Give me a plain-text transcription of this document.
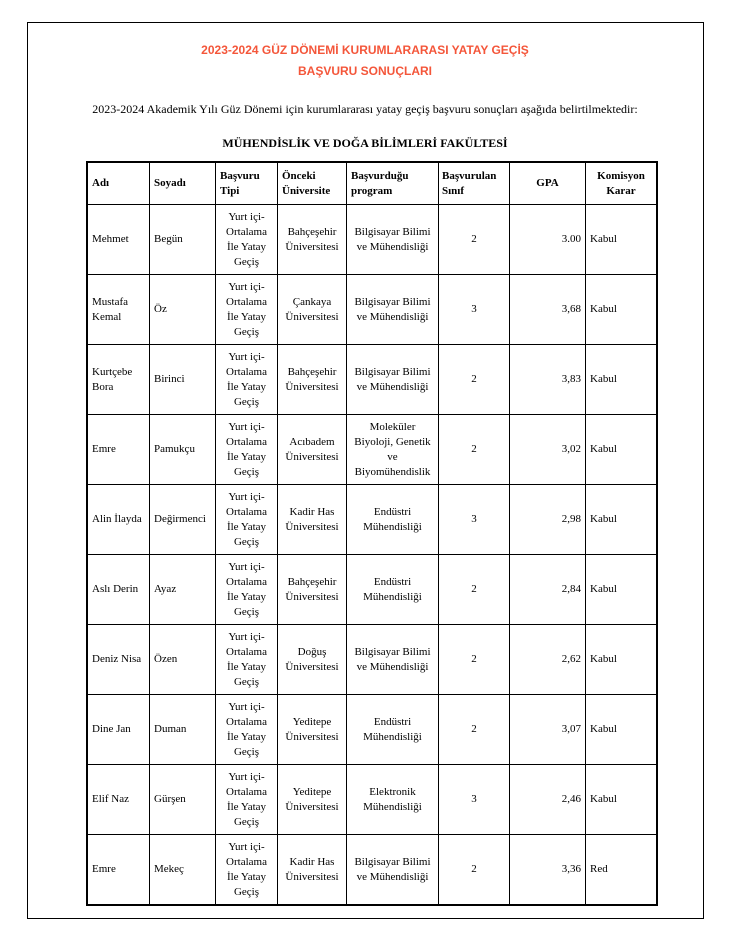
2023-2024 GÜZ DÖNEMİ KURUMLARARASI YATAY GEÇİŞ
BAŞVURU SONUÇLARI
2023-2024 Akademik Yılı Güz Dönemi için kurumlararası yatay geçiş başvuru sonuçları aşağıda belirtilmektedir:
MÜHENDİSLİK VE DOĞA BİLİMLERİ FAKÜLTESİ
Adı	Soyadı	Başvuru Tipi	Önceki Üniversite	Başvurduğu program	Başvurulan Sınıf	GPA	Komisyon Karar
Mehmet	Begün	Yurt içi-Ortalama İle Yatay Geçiş	Bahçeşehir Üniversitesi	Bilgisayar Bilimi ve Mühendisliği	2	3.00	Kabul
Mustafa Kemal	Öz	Yurt içi-Ortalama İle Yatay Geçiş	Çankaya Üniversitesi	Bilgisayar Bilimi ve Mühendisliği	3	3,68	Kabul
Kurtçebe Bora	Birinci	Yurt içi-Ortalama İle Yatay Geçiş	Bahçeşehir Üniversitesi	Bilgisayar Bilimi ve Mühendisliği	2	3,83	Kabul
Emre	Pamukçu	Yurt içi-Ortalama İle Yatay Geçiş	Acıbadem Üniversitesi	Moleküler Biyoloji, Genetik ve Biyomühendislik	2	3,02	Kabul
Alin İlayda	Değirmenci	Yurt içi-Ortalama İle Yatay Geçiş	Kadir Has Üniversitesi	Endüstri Mühendisliği	3	2,98	Kabul
Aslı Derin	Ayaz	Yurt içi-Ortalama İle Yatay Geçiş	Bahçeşehir Üniversitesi	Endüstri Mühendisliği	2	2,84	Kabul
Deniz Nisa	Özen	Yurt içi-Ortalama İle Yatay Geçiş	Doğuş Üniversitesi	Bilgisayar Bilimi ve Mühendisliği	2	2,62	Kabul
Dine Jan	Duman	Yurt içi-Ortalama İle Yatay Geçiş	Yeditepe Üniversitesi	Endüstri Mühendisliği	2	3,07	Kabul
Elif Naz	Gürşen	Yurt içi-Ortalama İle Yatay Geçiş	Yeditepe Üniversitesi	Elektronik Mühendisliği	3	2,46	Kabul
Emre	Mekeç	Yurt içi-Ortalama İle Yatay Geçiş	Kadir Has Üniversitesi	Bilgisayar Bilimi ve Mühendisliği	2	3,36	Red
